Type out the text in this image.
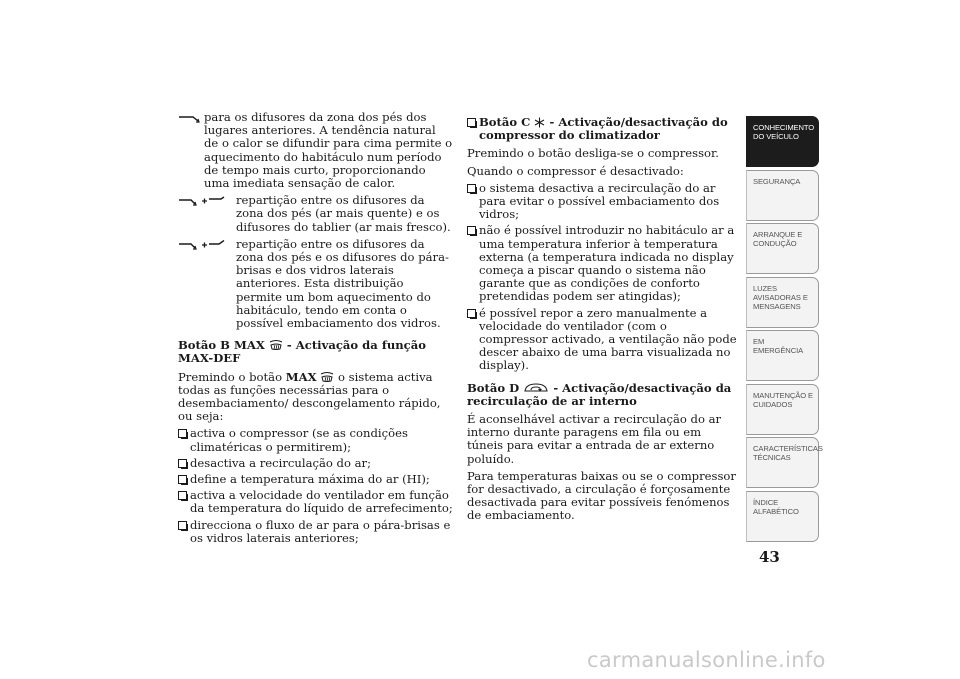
para os difusores da zona dos pés dos lugares anteriores. A tendência natural de o calor se difundir para cima permite o aquecimento do habitáculo num período de tempo mais curto, proporcionando uma imediata sensação de calor.
repartição entre os difusores da zona dos pés (ar mais quente) e os difusores do tablier (ar mais fresco).
repartição entre os difusores da zona dos pés e os difusores do pára-brisas e dos vidros laterais anteriores. Esta distribuição permite um bom aquecimento do habitáculo, tendo em conta o possível embaciamento dos vidros.
Botão B MAX  - Activação da função MAX-DEF

Premindo o botão MAX  o sistema activa todas as funções necessárias para o desembaciamento/ descongelamento rápido, ou seja:

activa o compressor (se as condições climatéricas o permitirem);
desactiva a recirculação do ar;
define a temperatura máxima do ar (HI);
activa a velocidade do ventilador em função da temperatura do líquido de arrefecimento;
direcciona o fluxo de ar para o pára-brisas e os vidros laterais anteriores;
Botão C  - Activação/desactivação do compressor do climatizador

Premindo o botão desliga-se o compressor.

Quando o compressor é desactivado:

o sistema desactiva a recirculação do ar para evitar o possível embaciamento dos vidros;
não é possível introduzir no habitáculo ar a uma temperatura inferior à temperatura externa (a temperatura indicada no display começa a piscar quando o sistema não garante que as condições de conforto pretendidas podem ser atingidas);
é possível repor a zero manualmente a velocidade do ventilador (com o compressor activado, a ventilação não pode descer abaixo de uma barra visualizada no display).
Botão D	- Activação/desactivação da recirculação de ar interno

É aconselhável activar a recirculação do ar interno durante paragens em fila ou em túneis para evitar a entrada de ar externo poluído.

Para temperaturas baixas ou se o compressor for desactivado, a circulação é forçosamente desactivada para evitar possíveis fenómenos de embaciamento.

CONHECIMENTO
DO VEÍCULO
SEGURANÇA
ARRANQUE E
CONDUÇÃO
LUZES
AVISADORAS E
MENSAGENS
EM EMERGÊNCIA
MANUTENÇÃO E
CUIDADOS
CARACTERÍSTICAS
TÉCNICAS
ÍNDICE
ALFABÉTICO
43
carmanualsonline.info
